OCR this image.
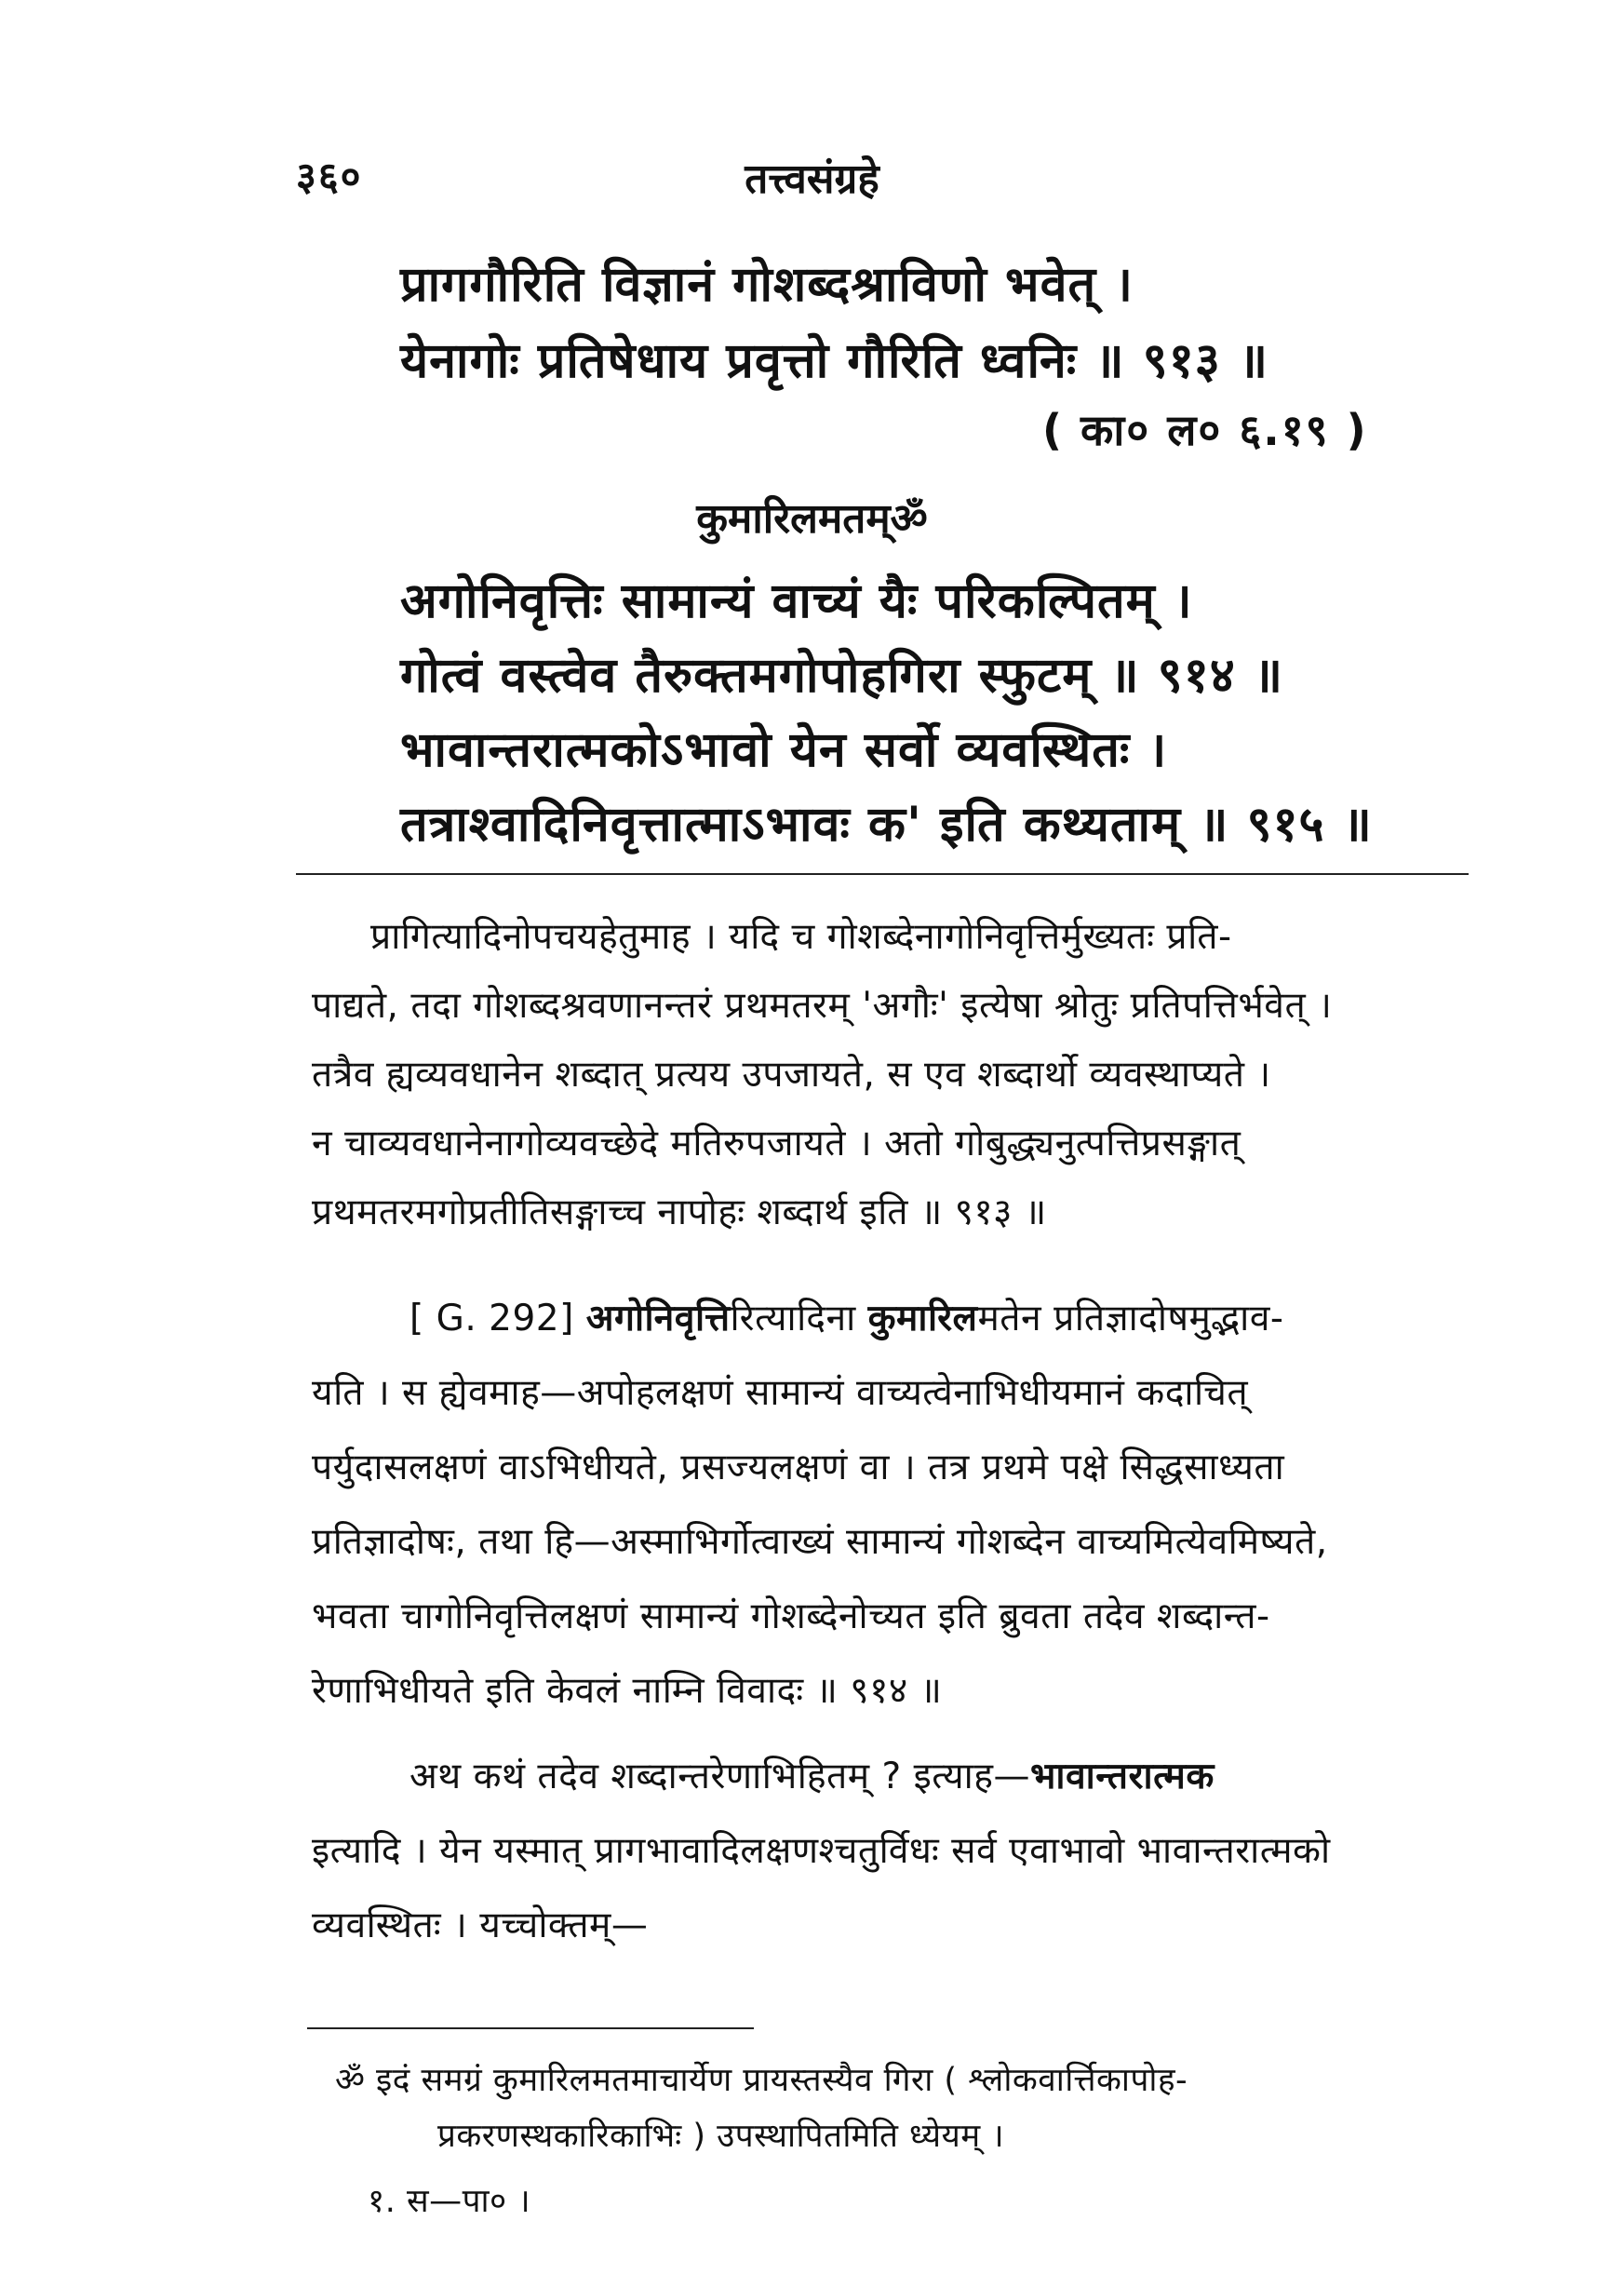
३६०	तत्त्वसंग्रहे
प्रागगौरिति विज्ञानं गोशब्दश्राविणो भवेत् ।
येनागोः प्रतिषेधाय प्रवृत्तो गौरिति ध्वनिः ॥ ९१३ ॥
( का० ल० ६.१९ )
कुमारिलमतम्ॐ
अगोनिवृत्तिः सामान्यं वाच्यं यैः परिकल्पितम् ।
गोत्वं वस्त्वेव तैरुक्तमगोपोहगिरा स्फुटम् ॥ ९१४ ॥
भावान्तरात्मकोऽभावो येन सर्वो व्यवस्थितः ।
तत्राश्वादिनिवृत्तात्माऽभावः क' इति कथ्यताम् ॥ ९१५ ॥
प्रागित्यादिनोपचयहेतुमाह । यदि च गोशब्देनागोनिवृत्तिर्मुख्यतः प्रति-
पाद्यते, तदा गोशब्दश्रवणानन्तरं प्रथमतरम् 'अगौः' इत्येषा श्रोतुः प्रतिपत्तिर्भवेत् ।
तत्रैव ह्यव्यवधानेन शब्दात् प्रत्यय उपजायते, स एव शब्दार्थो व्यवस्थाप्यते ।
न चाव्यवधानेनागोव्यवच्छेदे मतिरुपजायते । अतो गोबुद्ध्यनुत्पत्तिप्रसङ्गात्
प्रथमतरमगोप्रतीतिसङ्गाच्च नापोहः शब्दार्थ इति ॥ ९१३ ॥
[ G. 292] अगोनिवृत्तिरित्यादिना कुमारिलमतेन प्रतिज्ञादोषमुद्भाव-
यति । स ह्येवमाह—अपोहलक्षणं सामान्यं वाच्यत्वेनाभिधीयमानं कदाचित्
पर्युदासलक्षणं वाऽभिधीयते, प्रसज्यलक्षणं वा । तत्र प्रथमे पक्षे सिद्धसाध्यता
प्रतिज्ञादोषः, तथा हि—अस्माभिर्गोत्वाख्यं सामान्यं गोशब्देन वाच्यमित्येवमिष्यते,
भवता चागोनिवृत्तिलक्षणं सामान्यं गोशब्देनोच्यत इति ब्रुवता तदेव शब्दान्त-
रेणाभिधीयते इति केवलं नाम्नि विवादः ॥ ९१४ ॥
अथ कथं तदेव शब्दान्तरेणाभिहितम् ? इत्याह—भावान्तरात्मक
इत्यादि । येन यस्मात् प्रागभावादिलक्षणश्चतुर्विधः सर्व एवाभावो भावान्तरात्मको
व्यवस्थितः । यच्चोक्तम्—
ॐ इदं समग्रं कुमारिलमतमाचार्येण प्रायस्तस्यैव गिरा ( श्लोकवार्त्तिकापोह-
प्रकरणस्थकारिकाभिः ) उपस्थापितमिति ध्येयम् ।
१. स—पा० ।
